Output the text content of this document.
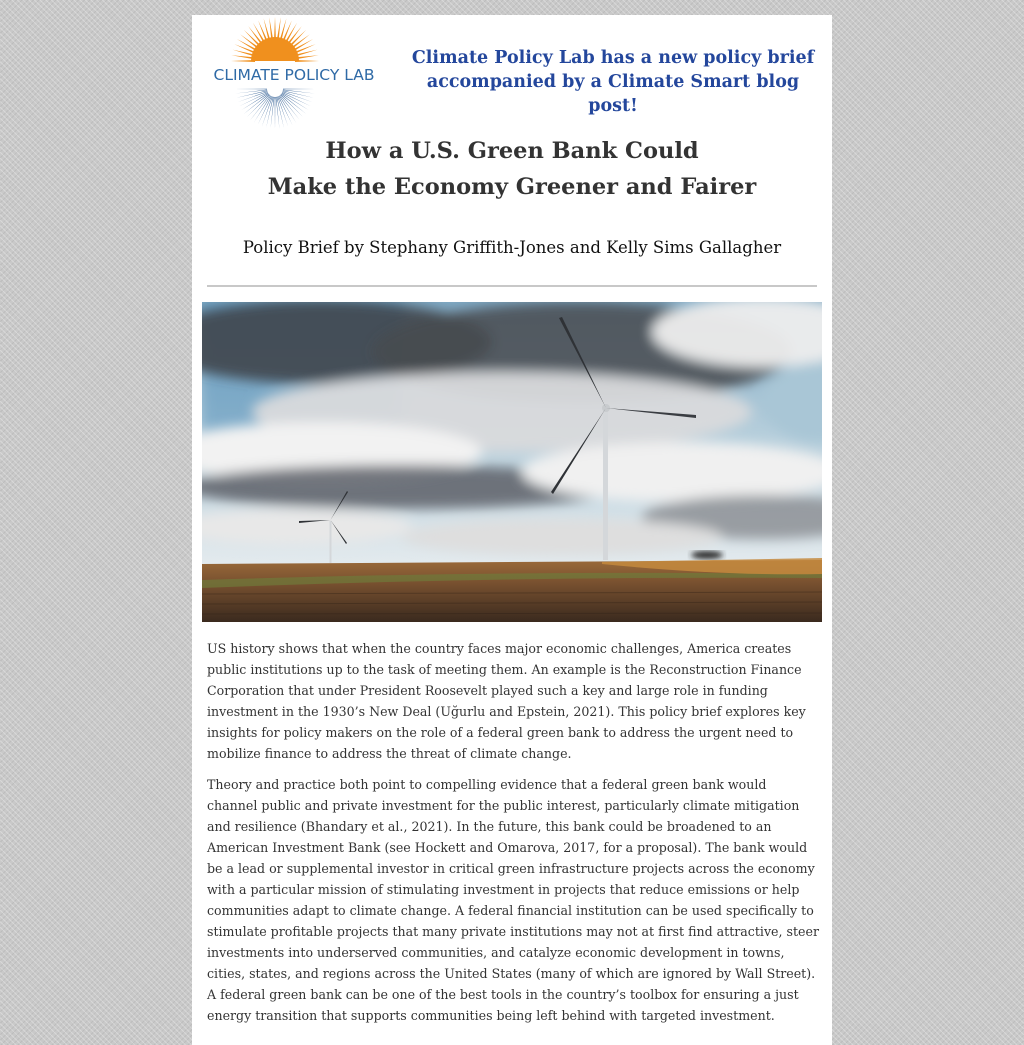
CLIMATE POLICY LAB

Climate Policy Lab has a new policy brief accompanied by a Climate Smart blog post!

How a U.S. Green Bank Could
Make the Economy Greener and Fairer

Policy Brief by Stephany Griffith-Jones and Kelly Sims Gallagher

US history shows that when the country faces major economic challenges, America creates public institutions up to the task of meeting them. An example is the Reconstruction Finance Corporation that under President Roosevelt played such a key and large role in funding investment in the 1930’s New Deal (Uğurlu and Epstein, 2021). This policy brief explores key insights for policy makers on the role of a federal green bank to address the urgent need to mobilize finance to address the threat of climate change.

Theory and practice both point to compelling evidence that a federal green bank would channel public and private investment for the public interest, particularly climate mitigation and resilience (Bhandary et al., 2021). In the future, this bank could be broadened to an American Investment Bank (see Hockett and Omarova, 2017, for a proposal). The bank would be a lead or supplemental investor in critical green infrastructure projects across the economy with a particular mission of stimulating investment in projects that reduce emissions or help communities adapt to climate change. A federal financial institution can be used specifically to stimulate profitable projects that many private institutions may not at first find attractive, steer investments into underserved communities, and catalyze economic development in towns, cities, states, and regions across the United States (many of which are ignored by Wall Street). A federal green bank can be one of the best tools in the country’s toolbox for ensuring a just energy transition that supports communities being left behind with targeted investment.
